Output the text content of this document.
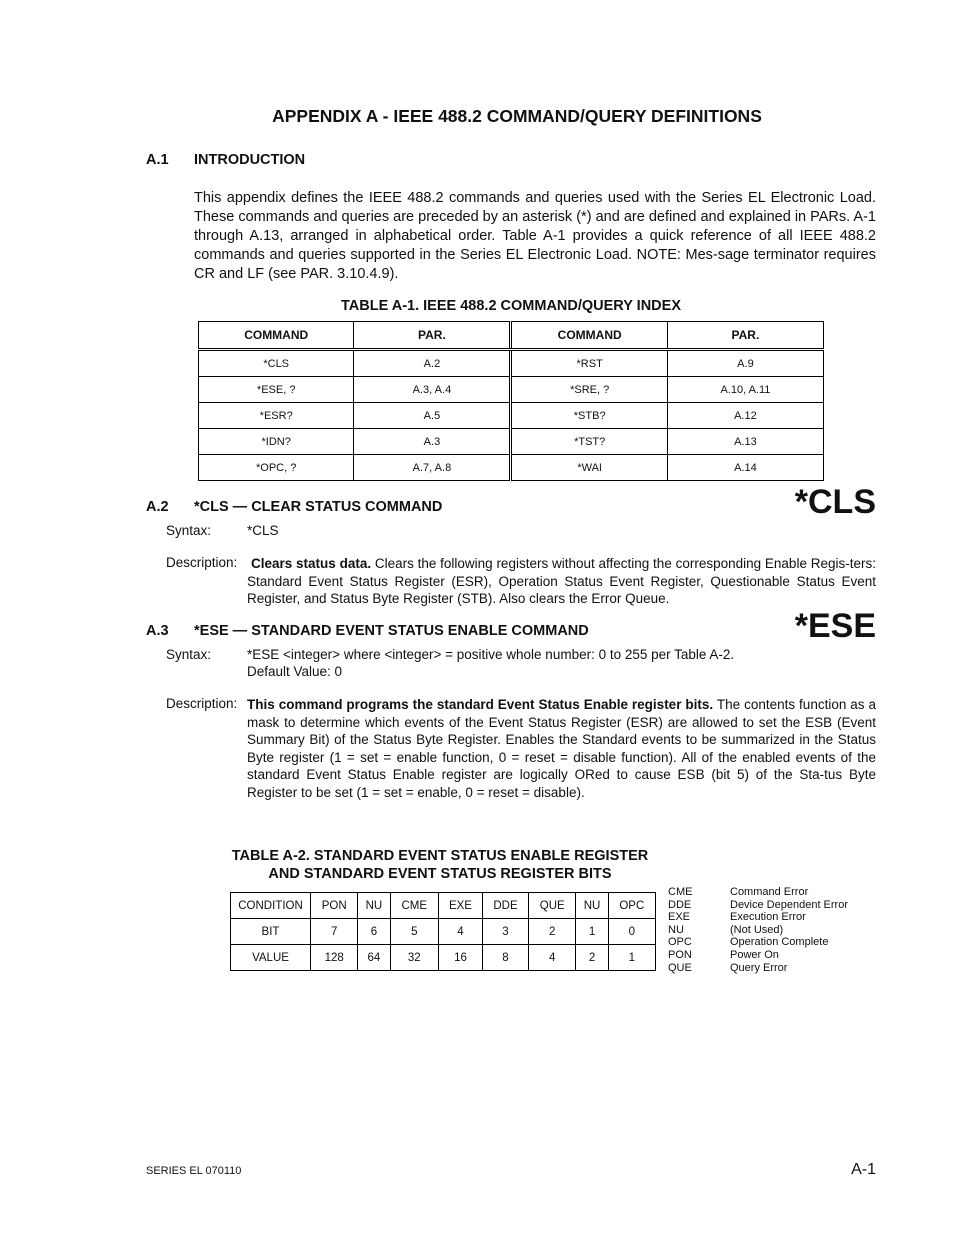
APPENDIX A - IEEE 488.2 COMMAND/QUERY DEFINITIONS
A.1 INTRODUCTION

This appendix defines the IEEE 488.2 commands and queries used with the Series EL Electronic Load. These commands and queries are preceded by an asterisk (*) and are defined and explained in PARs. A-1 through A.13, arranged in alphabetical order. Table A-1 provides a quick reference of all IEEE 488.2 commands and queries supported in the Series EL Electronic Load. NOTE: Mes-sage terminator requires CR and LF (see PAR. 3.10.4.9).

TABLE A-1. IEEE 488.2 COMMAND/QUERY INDEX
COMMAND	PAR.	COMMAND	PAR.
*CLS	A.2	*RST	A.9
*ESE, ?	A.3, A.4	*SRE, ?	A.10, A.11
*ESR?	A.5	*STB?	A.12
*IDN?	A.3	*TST?	A.13
*OPC, ?	A.7, A.8	*WAI	A.14
A.2 *CLS — CLEAR STATUS COMMAND	*CLS
Syntax:	*CLS
Description: Clears status data. Clears the following registers without affecting the corresponding Enable Regis-ters: Standard Event Status Register (ESR), Operation Status Event Register, Questionable Status Event Register, and Status Byte Register (STB). Also clears the Error Queue.
A.3 *ESE — STANDARD EVENT STATUS ENABLE COMMAND	*ESE
Syntax:	*ESE <integer> where <integer> = positive whole number: 0 to 255 per Table A-2.
Default Value: 0
Description: This command programs the standard Event Status Enable register bits. The contents function as a mask to determine which events of the Event Status Register (ESR) are allowed to set the ESB (Event Summary Bit) of the Status Byte Register. Enables the Standard events to be summarized in the Status Byte register (1 = set = enable function, 0 = reset = disable function). All of the enabled events of the standard Event Status Enable register are logically ORed to cause ESB (bit 5) of the Sta-tus Byte Register to be set (1 = set = enable, 0 = reset = disable).
TABLE A-2. STANDARD EVENT STATUS ENABLE REGISTER
AND STANDARD EVENT STATUS REGISTER BITS
CONDITION	PON	NU	CME	EXE	DDE	QUE	NU	OPC
BIT	7	6	5	4	3	2	1	0
VALUE	128	64	32	16	8	4	2	1
CME	Command Error
DDE	Device Dependent Error
EXE	Execution Error
NU	(Not Used)
OPC	Operation Complete
PON	Power On
QUE	Query Error
SERIES EL 070110	A-1
